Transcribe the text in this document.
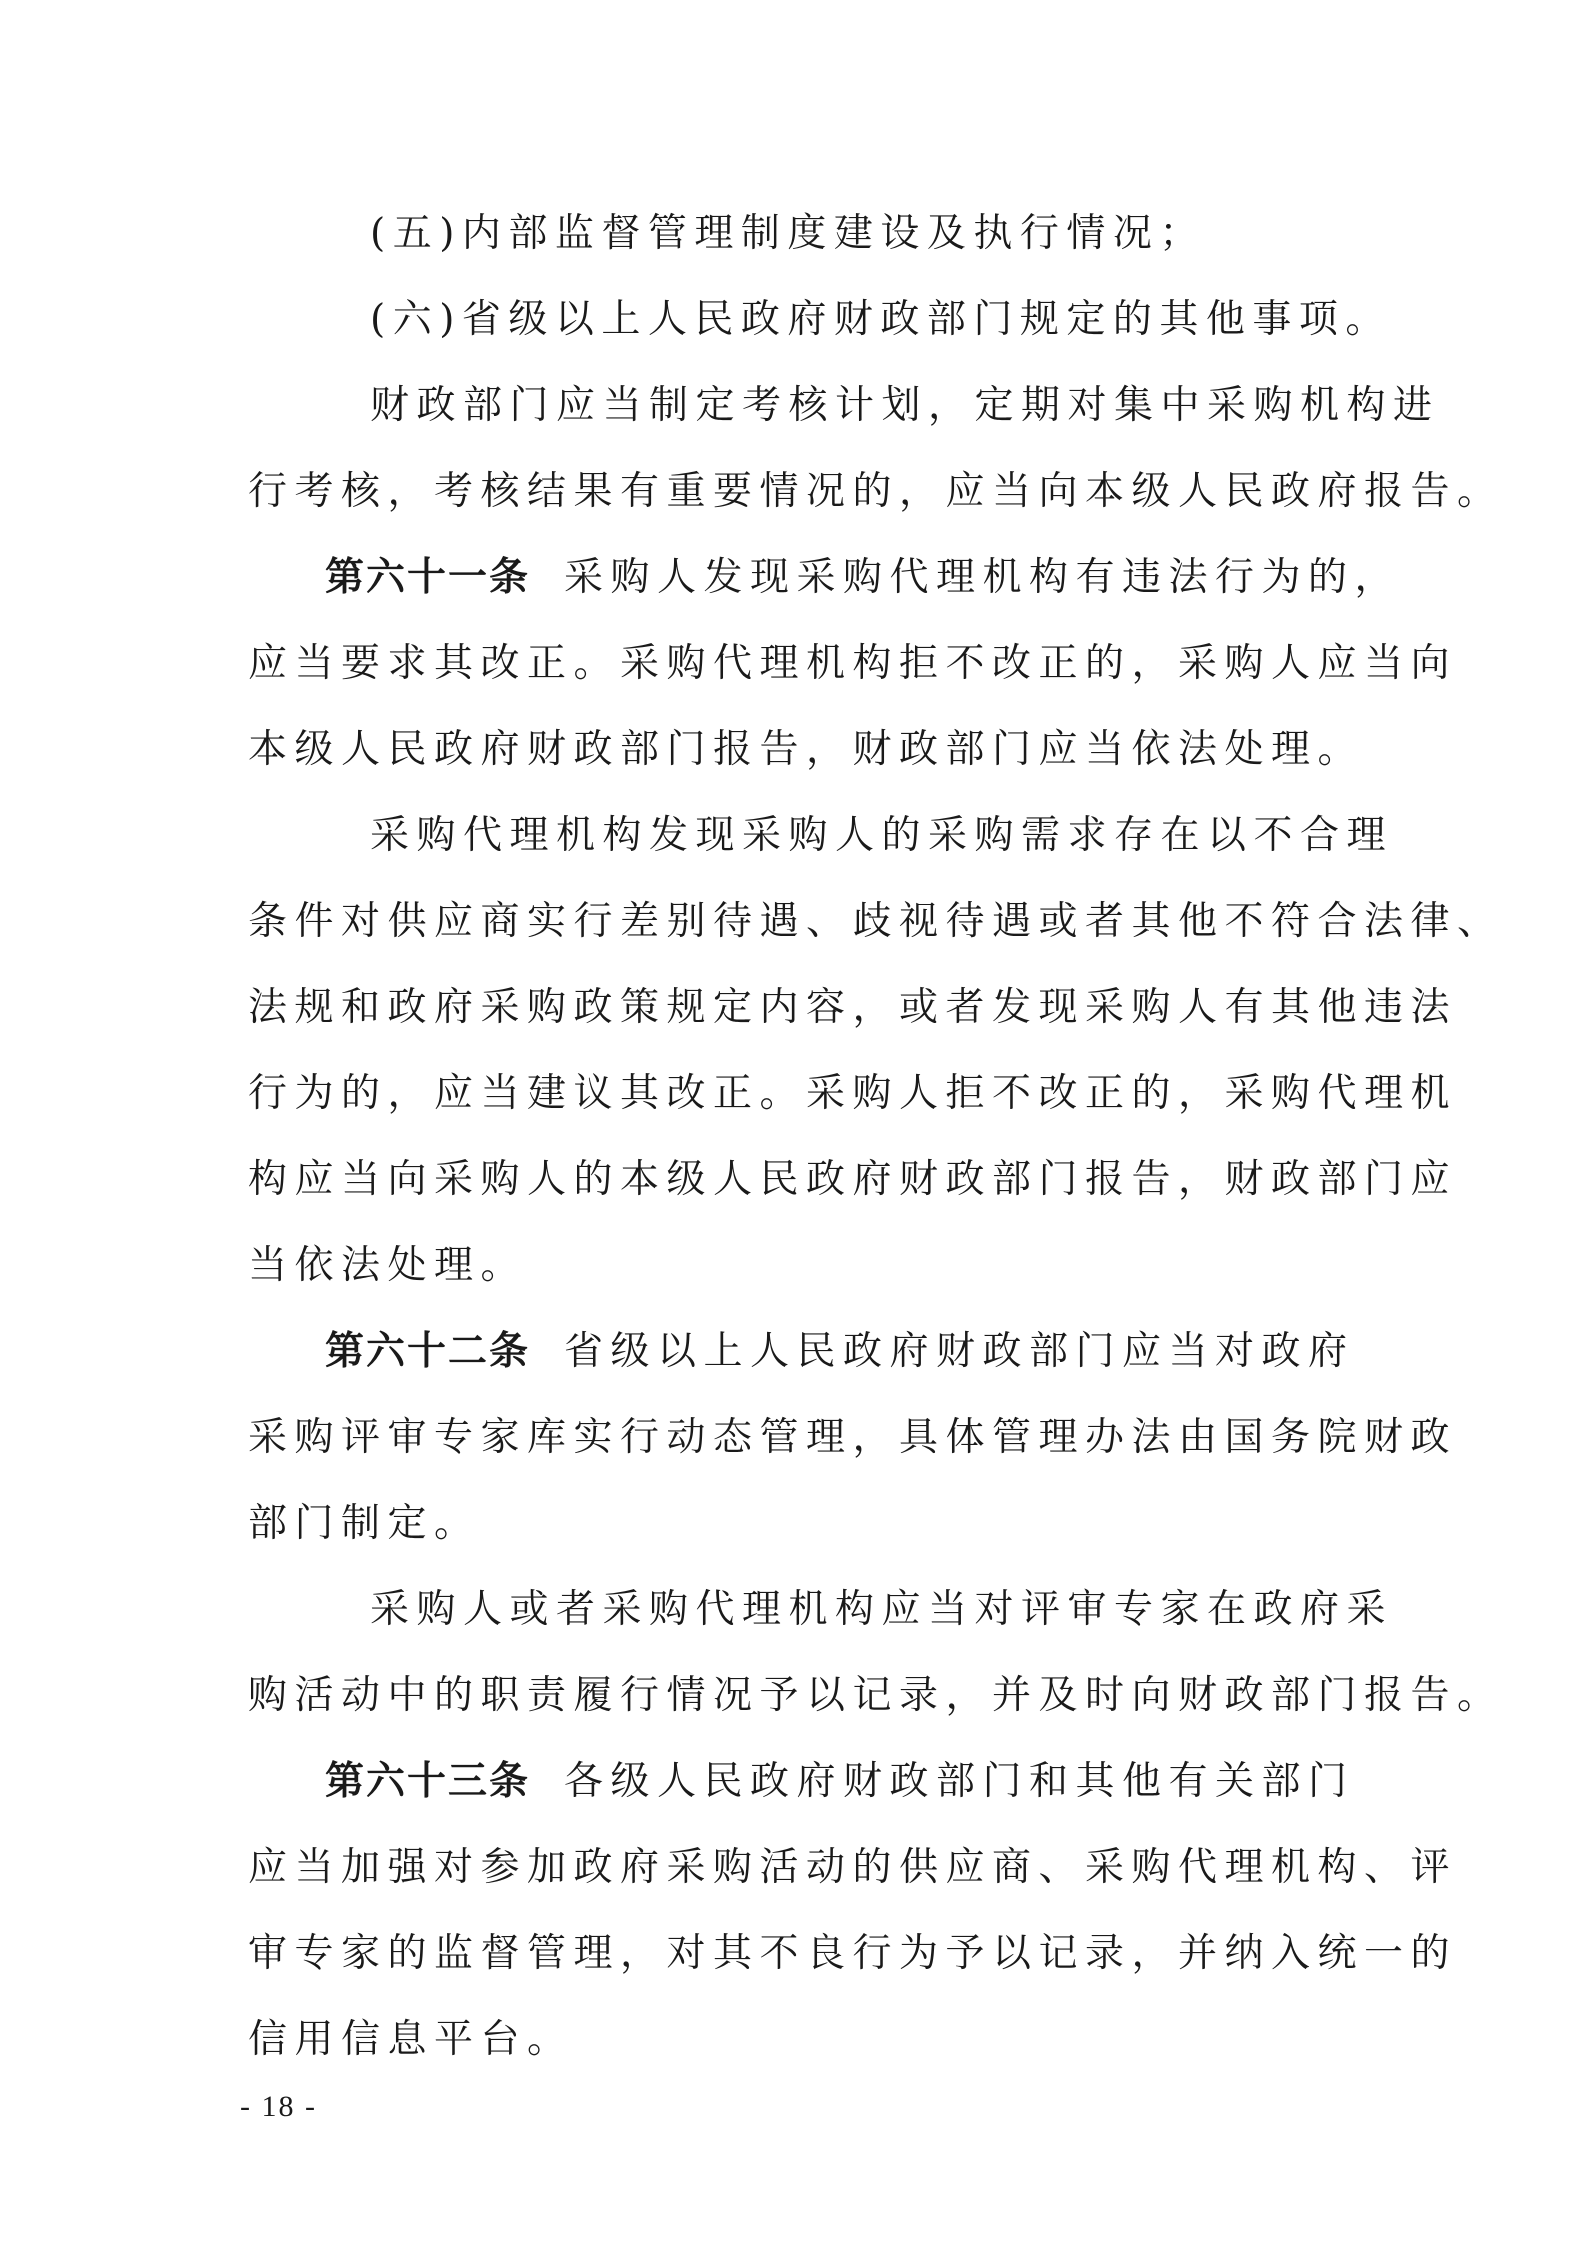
(五)内部监督管理制度建设及执行情况；
(六)省级以上人民政府财政部门规定的其他事项。
财政部门应当制定考核计划，定期对集中采购机构进
行考核，考核结果有重要情况的，应当向本级人民政府报告。
第六十一条 采购人发现采购代理机构有违法行为的，
应当要求其改正。采购代理机构拒不改正的，采购人应当向
本级人民政府财政部门报告，财政部门应当依法处理。
采购代理机构发现采购人的采购需求存在以不合理
条件对供应商实行差别待遇、歧视待遇或者其他不符合法律、
法规和政府采购政策规定内容，或者发现采购人有其他违法
行为的，应当建议其改正。采购人拒不改正的，采购代理机
构应当向采购人的本级人民政府财政部门报告，财政部门应
当依法处理。
第六十二条 省级以上人民政府财政部门应当对政府
采购评审专家库实行动态管理，具体管理办法由国务院财政
部门制定。
采购人或者采购代理机构应当对评审专家在政府采
购活动中的职责履行情况予以记录，并及时向财政部门报告。
第六十三条 各级人民政府财政部门和其他有关部门
应当加强对参加政府采购活动的供应商、采购代理机构、评
审专家的监督管理，对其不良行为予以记录，并纳入统一的
信用信息平台。
- 18 -
